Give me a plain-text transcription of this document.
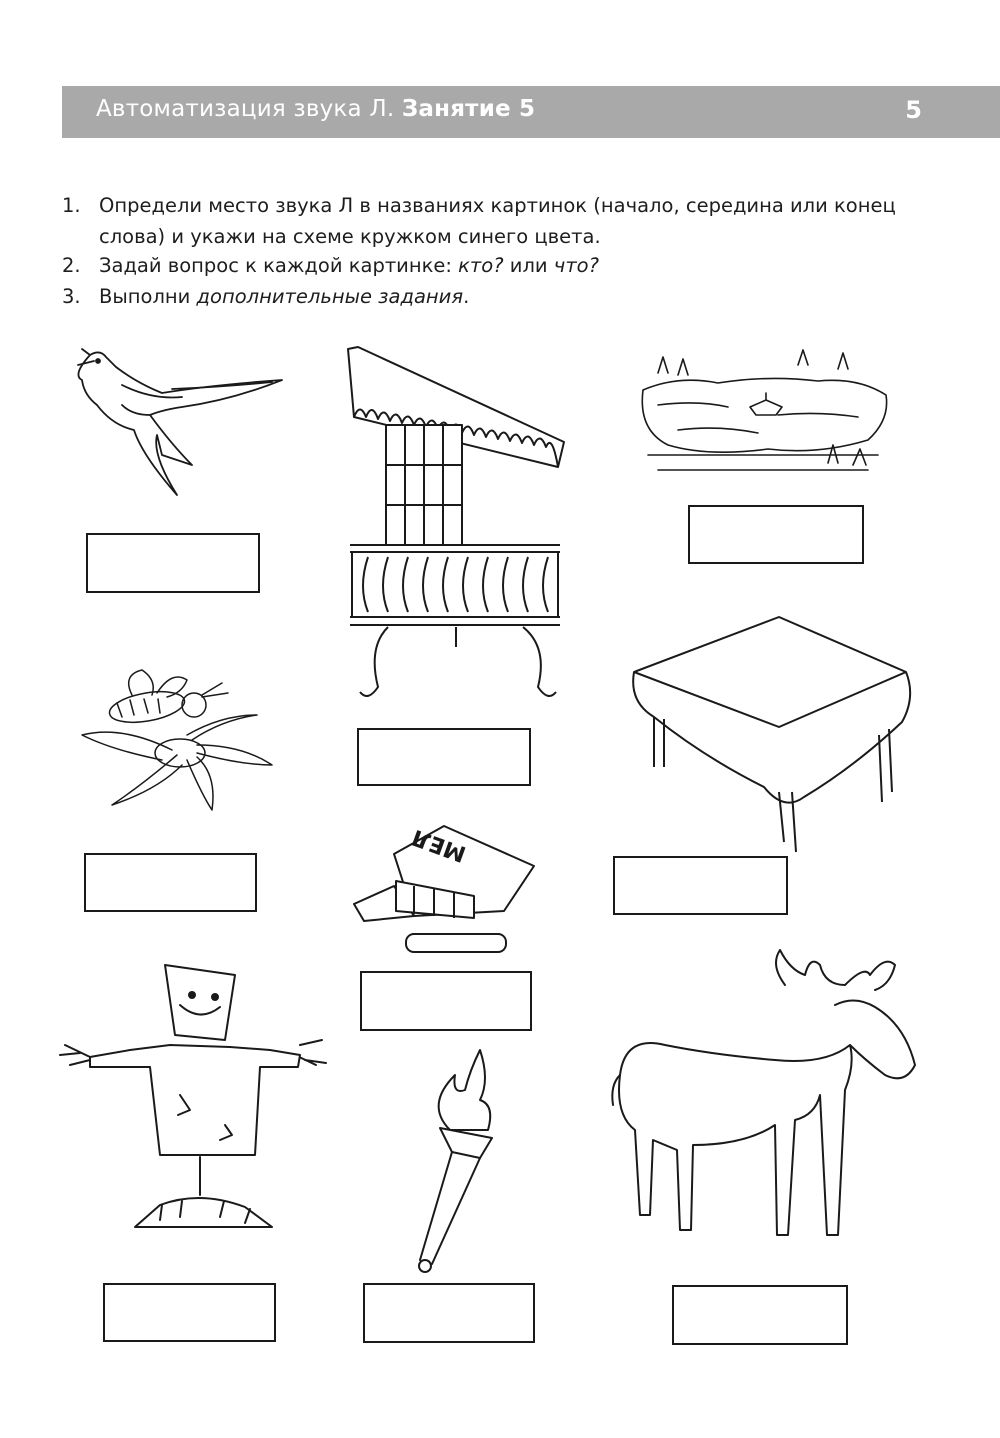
Автоматизация звука Л. Занятие 5	5
1. Определи место звука Л в названиях картинок (начало, середина или конец
слова) и укажи на схеме кружком синего цвета.
2. Задай вопрос к каждой картинке: кто? или что?
3. Выполни дополнительные задания.
МЕЛ
